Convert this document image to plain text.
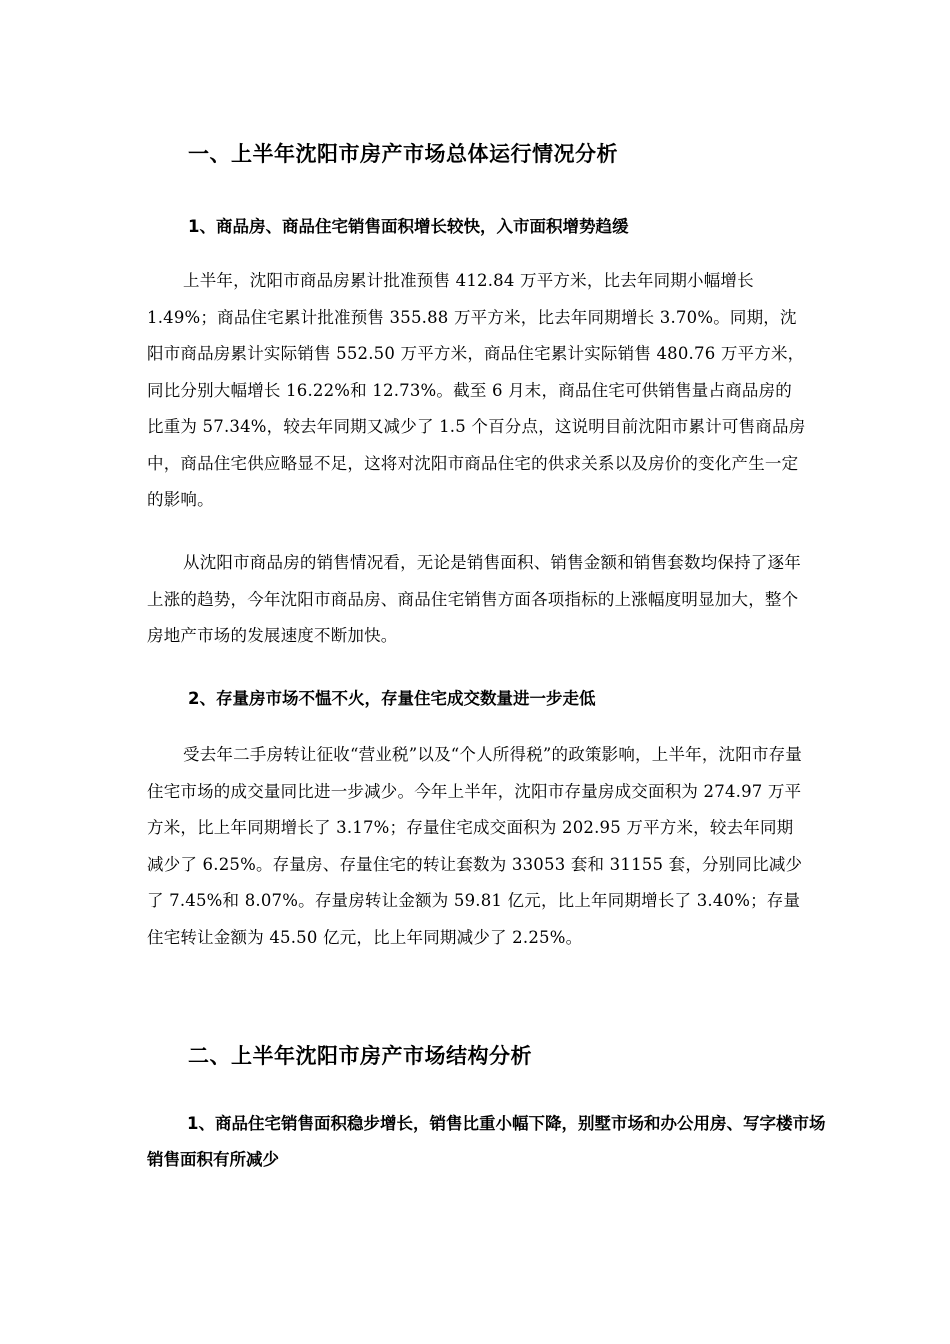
一、上半年沈阳市房产市场总体运行情况分析
1、商品房、商品住宅销售面积增长较快，入市面积增势趋缓
上半年，沈阳市商品房累计批准预售 412.84 万平方米，比去年同期小幅增长 1.49%；商品住宅累计批准预售 355.88 万平方米，比去年同期增长 3.70%。同期，沈阳市商品房累计实际销售 552.50 万平方米，商品住宅累计实际销售 480.76 万平方米，同比分别大幅增长 16.22%和 12.73%。截至 6 月末，商品住宅可供销售量占商品房的比重为 57.34%，较去年同期又减少了 1.5 个百分点，这说明目前沈阳市累计可售商品房中，商品住宅供应略显不足，这将对沈阳市商品住宅的供求关系以及房价的变化产生一定的影响。
从沈阳市商品房的销售情况看，无论是销售面积、销售金额和销售套数均保持了逐年上涨的趋势，今年沈阳市商品房、商品住宅销售方面各项指标的上涨幅度明显加大，整个房地产市场的发展速度不断加快。
2、存量房市场不愠不火，存量住宅成交数量进一步走低
受去年二手房转让征收“营业税”以及“个人所得税”的政策影响，上半年，沈阳市存量住宅市场的成交量同比进一步减少。今年上半年，沈阳市存量房成交面积为 274.97 万平方米，比上年同期增长了 3.17%；存量住宅成交面积为 202.95 万平方米，较去年同期减少了 6.25%。存量房、存量住宅的转让套数为 33053 套和 31155 套，分别同比减少了 7.45%和 8.07%。存量房转让金额为 59.81 亿元，比上年同期增长了 3.40%；存量住宅转让金额为 45.50 亿元，比上年同期减少了 2.25%。
二、上半年沈阳市房产市场结构分析
1、商品住宅销售面积稳步增长，销售比重小幅下降，别墅市场和办公用房、写字楼市场销售面积有所减少
